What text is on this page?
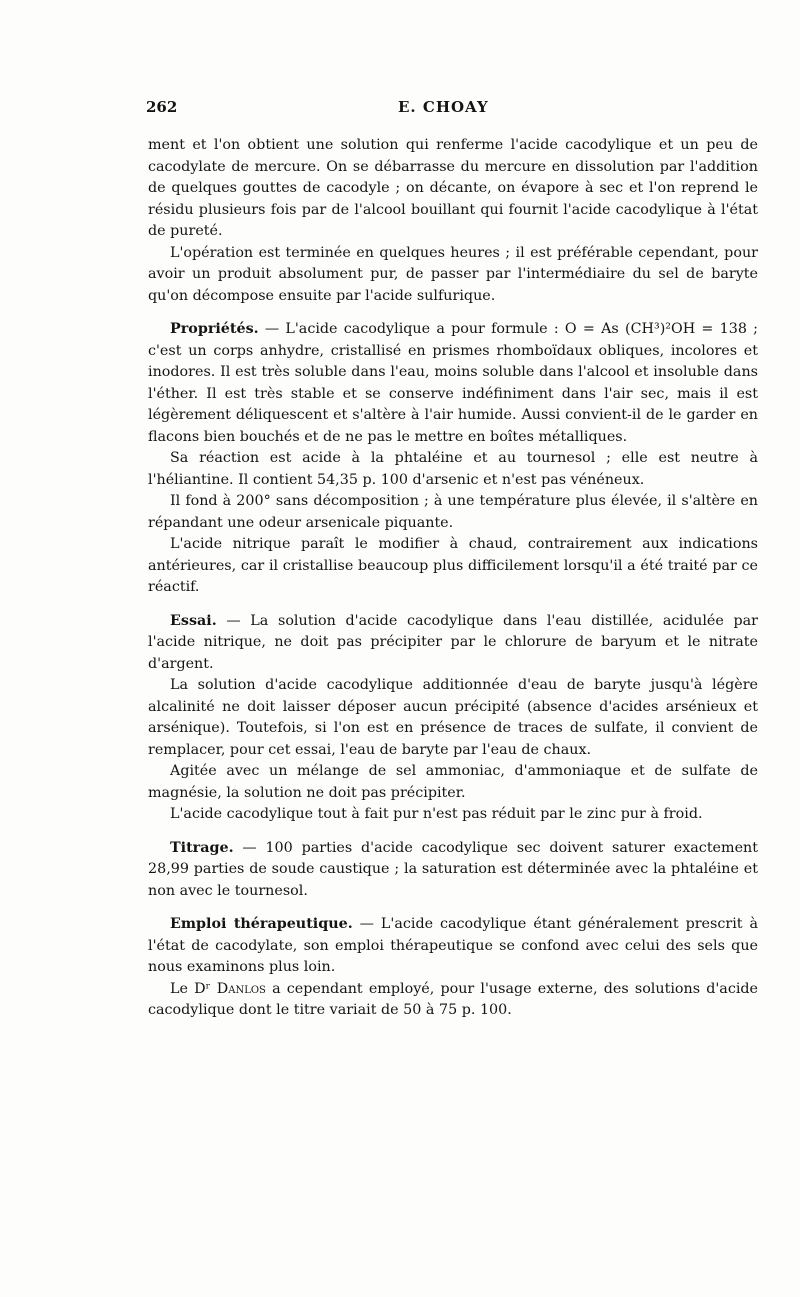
262	E. CHOAY

ment et l'on obtient une solution qui renferme l'acide cacodylique et un peu de cacodylate de mercure. On se débarrasse du mercure en dissolution par l'addition de quelques gouttes de cacodyle ; on décante, on évapore à sec et l'on reprend le résidu plusieurs fois par de l'alcool bouillant qui fournit l'acide cacodylique à l'état de pureté.

L'opération est terminée en quelques heures ; il est préférable cependant, pour avoir un produit absolument pur, de passer par l'intermédiaire du sel de baryte qu'on décompose ensuite par l'acide sulfurique.

Propriétés. — L'acide cacodylique a pour formule : O = As (CH³)²OH = 138 ; c'est un corps anhydre, cristallisé en prismes rhomboïdaux obliques, incolores et inodores. Il est très soluble dans l'eau, moins soluble dans l'alcool et insoluble dans l'éther. Il est très stable et se conserve indéfiniment dans l'air sec, mais il est légèrement déliquescent et s'altère à l'air humide. Aussi convient-il de le garder en flacons bien bouchés et de ne pas le mettre en boîtes métalliques.

Sa réaction est acide à la phtaléine et au tournesol ; elle est neutre à l'héliantine. Il contient 54,35 p. 100 d'arsenic et n'est pas vénéneux.

Il fond à 200° sans décomposition ; à une température plus élevée, il s'altère en répandant une odeur arsenicale piquante.

L'acide nitrique paraît le modifier à chaud, contrairement aux indications antérieures, car il cristallise beaucoup plus difficilement lorsqu'il a été traité par ce réactif.

Essai. — La solution d'acide cacodylique dans l'eau distillée, acidulée par l'acide nitrique, ne doit pas précipiter par le chlorure de baryum et le nitrate d'argent.

La solution d'acide cacodylique additionnée d'eau de baryte jusqu'à légère alcalinité ne doit laisser déposer aucun précipité (absence d'acides arsénieux et arsénique). Toutefois, si l'on est en présence de traces de sulfate, il convient de remplacer, pour cet essai, l'eau de baryte par l'eau de chaux.

Agitée avec un mélange de sel ammoniac, d'ammoniaque et de sulfate de magnésie, la solution ne doit pas précipiter.

L'acide cacodylique tout à fait pur n'est pas réduit par le zinc pur à froid.

Titrage. — 100 parties d'acide cacodylique sec doivent saturer exactement 28,99 parties de soude caustique ; la saturation est déterminée avec la phtaléine et non avec le tournesol.

Emploi thérapeutique. — L'acide cacodylique étant généralement prescrit à l'état de cacodylate, son emploi thérapeutique se confond avec celui des sels que nous examinons plus loin.

Le Dʳ Danlos a cependant employé, pour l'usage externe, des solutions d'acide cacodylique dont le titre variait de 50 à 75 p. 100.
